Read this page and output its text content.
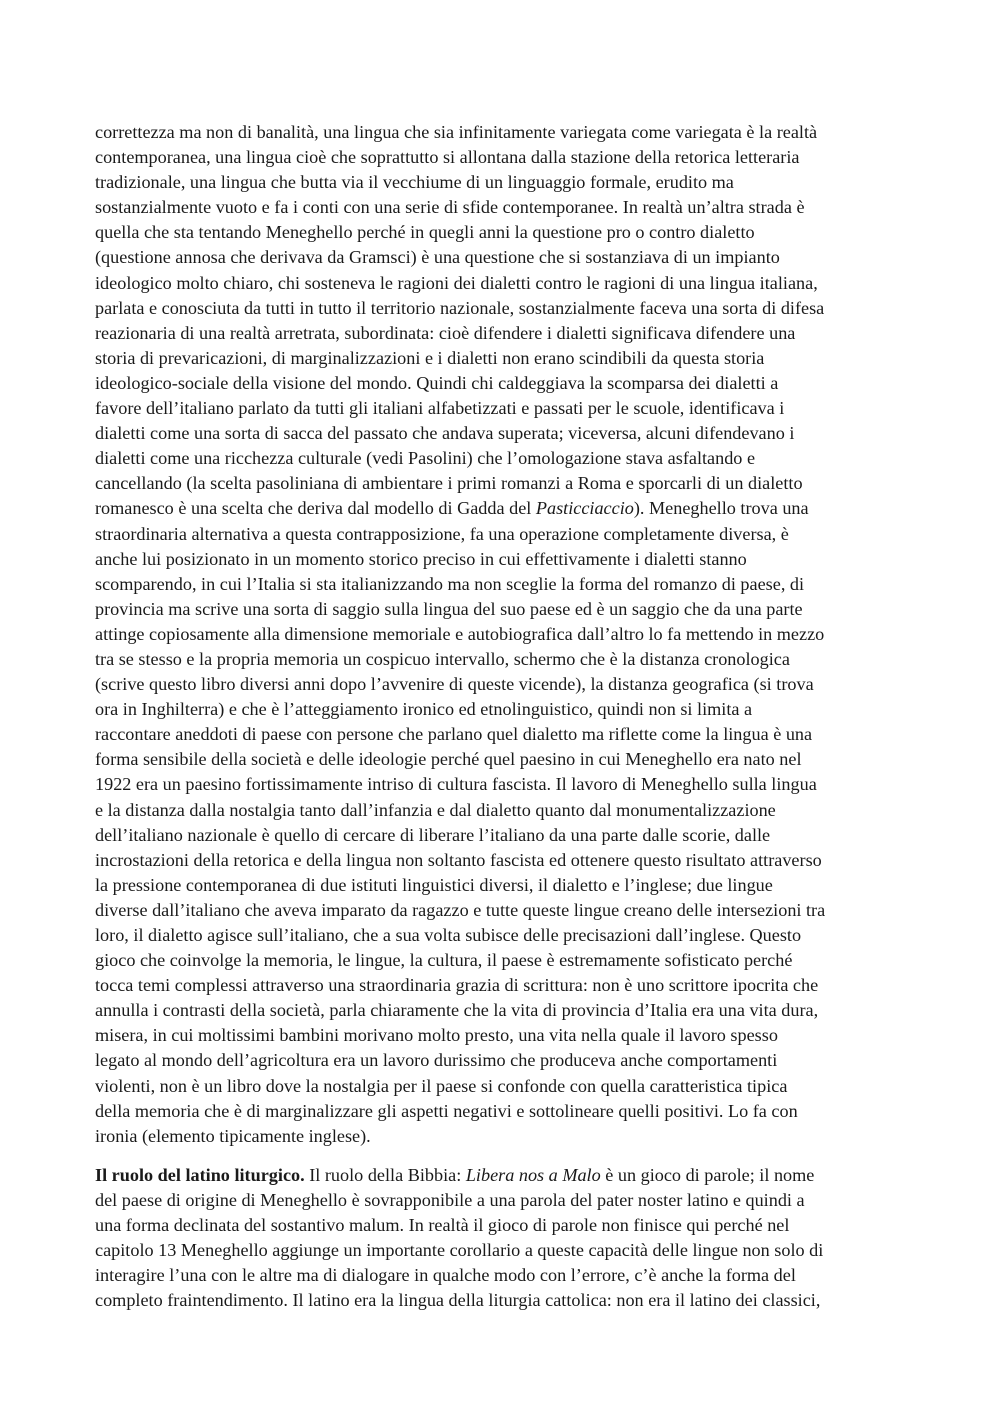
correttezza ma non di banalità, una lingua che sia infinitamente variegata come variegata è la realtà
contemporanea, una lingua cioè che soprattutto si allontana dalla stazione della retorica letteraria
tradizionale, una lingua che butta via il vecchiume di un linguaggio formale, erudito ma
sostanzialmente vuoto e fa i conti con una serie di sfide contemporanee. In realtà un’altra strada è
quella che sta tentando Meneghello perché in quegli anni la questione pro o contro dialetto
(questione annosa che derivava da Gramsci) è una questione che si sostanziava di un impianto
ideologico molto chiaro, chi sosteneva le ragioni dei dialetti contro le ragioni di una lingua italiana,
parlata e conosciuta da tutti in tutto il territorio nazionale, sostanzialmente faceva una sorta di difesa
reazionaria di una realtà arretrata, subordinata: cioè difendere i dialetti significava difendere una
storia di prevaricazioni, di marginalizzazioni e i dialetti non erano scindibili da questa storia
ideologico-sociale della visione del mondo. Quindi chi caldeggiava la scomparsa dei dialetti a
favore dell’italiano parlato da tutti gli italiani alfabetizzati e passati per le scuole, identificava i
dialetti come una sorta di sacca del passato che andava superata; viceversa, alcuni difendevano i
dialetti come una ricchezza culturale (vedi Pasolini) che l’omologazione stava asfaltando e
cancellando (la scelta pasoliniana di ambientare i primi romanzi a Roma e sporcarli di un dialetto
romanesco è una scelta che deriva dal modello di Gadda del Pasticciaccio). Meneghello trova una
straordinaria alternativa a questa contrapposizione, fa una operazione completamente diversa, è
anche lui posizionato in un momento storico preciso in cui effettivamente i dialetti stanno
scomparendo, in cui l’Italia si sta italianizzando ma non sceglie la forma del romanzo di paese, di
provincia ma scrive una sorta di saggio sulla lingua del suo paese ed è un saggio che da una parte
attinge copiosamente alla dimensione memoriale e autobiografica dall’altro lo fa mettendo in mezzo
tra se stesso e la propria memoria un cospicuo intervallo, schermo che è la distanza cronologica
(scrive questo libro diversi anni dopo l’avvenire di queste vicende), la distanza geografica (si trova
ora in Inghilterra) e che è l’atteggiamento ironico ed etnolinguistico, quindi non si limita a
raccontare aneddoti di paese con persone che parlano quel dialetto ma riflette come la lingua è una
forma sensibile della società e delle ideologie perché quel paesino in cui Meneghello era nato nel
1922 era un paesino fortissimamente intriso di cultura fascista. Il lavoro di Meneghello sulla lingua
e la distanza dalla nostalgia tanto dall’infanzia e dal dialetto quanto dal monumentalizzazione
dell’italiano nazionale è quello di cercare di liberare l’italiano da una parte dalle scorie, dalle
incrostazioni della retorica e della lingua non soltanto fascista ed ottenere questo risultato attraverso
la pressione contemporanea di due istituti linguistici diversi, il dialetto e l’inglese; due lingue
diverse dall’italiano che aveva imparato da ragazzo e tutte queste lingue creano delle intersezioni tra
loro, il dialetto agisce sull’italiano, che a sua volta subisce delle precisazioni dall’inglese. Questo
gioco che coinvolge la memoria, le lingue, la cultura, il paese è estremamente sofisticato perché
tocca temi complessi attraverso una straordinaria grazia di scrittura: non è uno scrittore ipocrita che
annulla i contrasti della società, parla chiaramente che la vita di provincia d’Italia era una vita dura,
misera, in cui moltissimi bambini morivano molto presto, una vita nella quale il lavoro spesso
legato al mondo dell’agricoltura era un lavoro durissimo che produceva anche comportamenti
violenti, non è un libro dove la nostalgia per il paese si confonde con quella caratteristica tipica
della memoria che è di marginalizzare gli aspetti negativi e sottolineare quelli positivi. Lo fa con
ironia (elemento tipicamente inglese).

Il ruolo del latino liturgico. Il ruolo della Bibbia: Libera nos a Malo è un gioco di parole; il nome
del paese di origine di Meneghello è sovrapponibile a una parola del pater noster latino e quindi a
una forma declinata del sostantivo malum. In realtà il gioco di parole non finisce qui perché nel
capitolo 13 Meneghello aggiunge un importante corollario a queste capacità delle lingue non solo di
interagire l’una con le altre ma di dialogare in qualche modo con l’errore, c’è anche la forma del
completo fraintendimento. Il latino era la lingua della liturgia cattolica: non era il latino dei classici,
